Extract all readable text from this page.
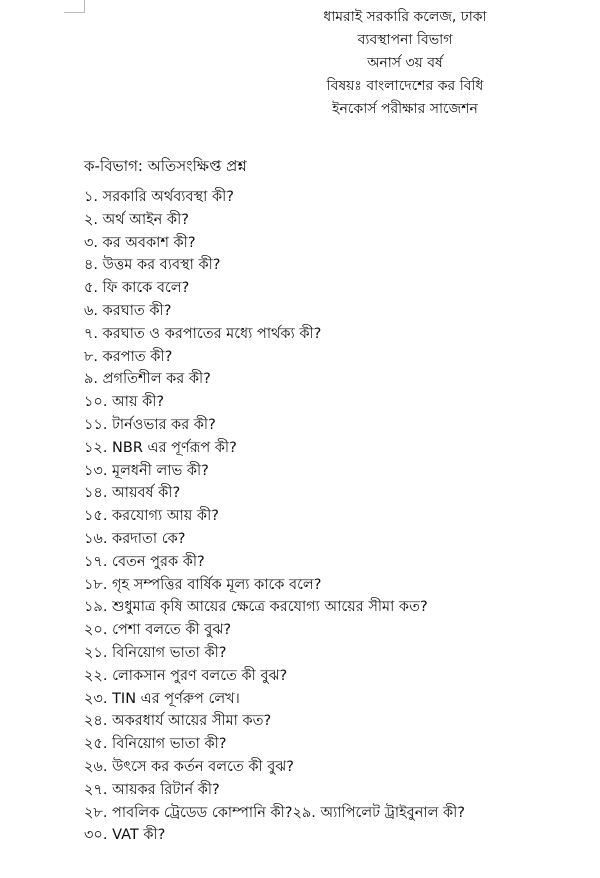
ধামরাই সরকারি কলেজ, ঢাকা
ব্যবস্থাপনা বিভাগ
অনার্স ৩য় বর্ষ
বিষয়ঃ বাংলাদেশের কর বিধি
ইনকোর্স পরীক্ষার সাজেশন
ক-বিভাগ: অতিসংক্ষিপ্ত প্রশ্ন
১. সরকারি অর্থব্যবস্থা কী?
২. অর্থ আইন কী?
৩. কর অবকাশ কী?
৪. উত্তম কর ব্যবস্থা কী?
৫. ফি কাকে বলে?
৬. করঘাত কী?
৭. করঘাত ও করপাতের মধ্যে পার্থক্য কী?
৮. করপাত কী?
৯. প্রগতিশীল কর কী?
১০. আয় কী?
১১. টার্নওভার কর কী?
১২. NBR এর পূর্ণরূপ কী?
১৩. মূলধনী লাভ কী?
১৪. আয়বর্ষ কী?
১৫. করযোগ্য আয় কী?
১৬. করদাতা কে?
১৭. বেতন পুরক কী?
১৮. গৃহ সম্পত্তির বার্ষিক মূল্য কাকে বলে?
১৯. শুধুমাত্র কৃষি আয়ের ক্ষেত্রে করযোগ্য আয়ের সীমা কত?
২০. পেশা বলতে কী বুঝ?
২১. বিনিয়োগ ভাতা কী?
২২. লোকসান পুরণ বলতে কী বুঝ?
২৩. TIN এর পূর্ণরুপ লেখ।
২৪. অকরধার্য আয়ের সীমা কত?
২৫. বিনিয়োগ ভাতা কী?
২৬. উৎসে কর কর্তন বলতে কী বুঝ?
২৭. আয়কর রিটার্ন কী?
২৮. পাবলিক ট্রেডেড কোম্পানি কী?২৯. অ্যাপিলেট ট্রাইবুনাল কী?
৩০. VAT কী?
